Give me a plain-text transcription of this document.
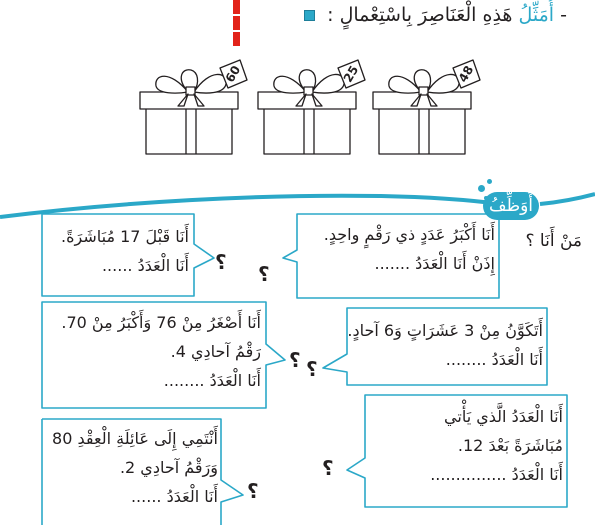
- أُمَثِّلُ هَذِهِ الْعَنَاصِرَ بِاسْتِعْمالٍ :
48
25
60
أُوَظِّفُ
مَنْ أَنَا ؟
؟ ؟
؟ ؟
؟
؟
أَنَا أَكْبَرُ عَدَدٍ ذي رَقْمٍ واحِدٍ.
إِذَنْ أَنَا الْعَدَدُ .......
أَنَا قَبْلَ 17 مُبَاشَرَةً.
أَنَا الْعَدَدُ ......
أَتَكَوَّنُ مِنْ 3 عَشَرَاتٍ وَ6 آحادٍ.
أَنَا الْعَدَدُ ........
أَنَا أَصْغَرُ مِنْ 76 وَأَكْبَرُ مِنْ 70.
رَقْمُ آحادِي 4.
أَنَا الْعَدَدُ ........
أَنَا الْعَدَدُ الَّذي يَأْتي
مُبَاشَرَةً بَعْدَ 12.
أَنَا الْعَدَدُ ...............
أَنْتَمِي إِلَى عَائِلَةِ الْعِقْدِ 80
وَرَقْمُ آحادِي 2.
أَنَا الْعَدَدُ ......
